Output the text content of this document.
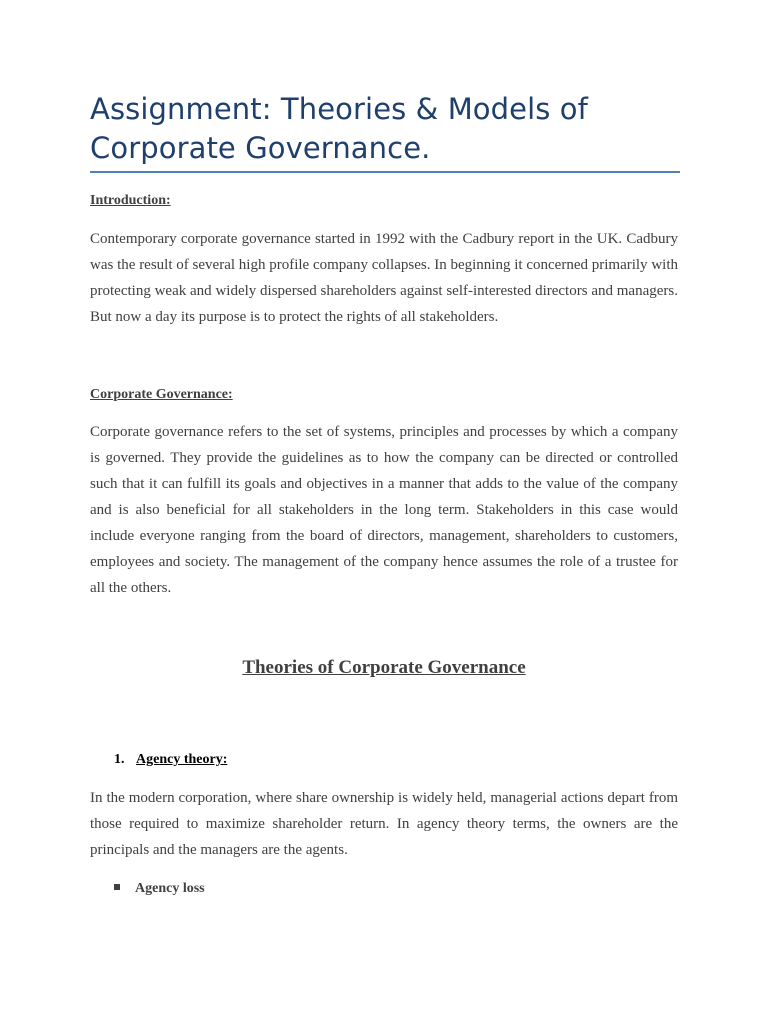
Assignment: Theories & Models of Corporate Governance.
Introduction:

Contemporary corporate governance started in 1992 with the Cadbury report in the UK. Cadbury was the result of several high profile company collapses. In beginning it concerned primarily with protecting weak and widely dispersed shareholders against self-interested directors and managers. But now a day its purpose is to protect the rights of all stakeholders.

Corporate Governance:

Corporate governance refers to the set of systems, principles and processes by which a company is governed. They provide the guidelines as to how the company can be directed or controlled such that it can fulfill its goals and objectives in a manner that adds to the value of the company and is also beneficial for all stakeholders in the long term. Stakeholders in this case would include everyone ranging from the board of directors, management, shareholders to customers, employees and society. The management of the company hence assumes the role of a trustee for all the others.

Theories of Corporate Governance
1. Agency theory:

In the modern corporation, where share ownership is widely held, managerial actions depart from those required to maximize shareholder return. In agency theory terms, the owners are the principals and the managers are the agents.

Agency loss
